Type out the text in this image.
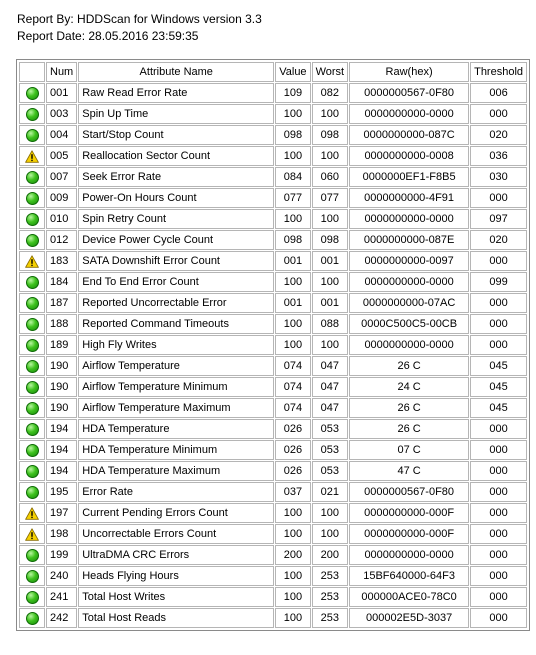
Report By: HDDScan for Windows version 3.3
Report Date: 28.05.2016 23:59:35
	Num	Attribute Name	Value	Worst	Raw(hex)	Threshold
	001	Raw Read Error Rate	109	082	0000000567-0F80	006
	003	Spin Up Time	100	100	0000000000-0000	000
	004	Start/Stop Count	098	098	0000000000-087C	020
	005	Reallocation Sector Count	100	100	0000000000-0008	036
	007	Seek Error Rate	084	060	0000000EF1-F8B5	030
	009	Power-On Hours Count	077	077	0000000000-4F91	000
	010	Spin Retry Count	100	100	0000000000-0000	097
	012	Device Power Cycle Count	098	098	0000000000-087E	020
	183	SATA Downshift Error Count	001	001	0000000000-0097	000
	184	End To End Error Count	100	100	0000000000-0000	099
	187	Reported Uncorrectable Error	001	001	0000000000-07AC	000
	188	Reported Command Timeouts	100	088	0000C500C5-00CB	000
	189	High Fly Writes	100	100	0000000000-0000	000
	190	Airflow Temperature	074	047	26 C	045
	190	Airflow Temperature Minimum	074	047	24 C	045
	190	Airflow Temperature Maximum	074	047	26 C	045
	194	HDA Temperature	026	053	26 C	000
	194	HDA Temperature Minimum	026	053	07 C	000
	194	HDA Temperature Maximum	026	053	47 C	000
	195	Error Rate	037	021	0000000567-0F80	000
	197	Current Pending Errors Count	100	100	0000000000-000F	000
	198	Uncorrectable Errors Count	100	100	0000000000-000F	000
	199	UltraDMA CRC Errors	200	200	0000000000-0000	000
	240	Heads Flying Hours	100	253	15BF640000-64F3	000
	241	Total Host Writes	100	253	000000ACE0-78C0	000
	242	Total Host Reads	100	253	000002E5D-3037	000
